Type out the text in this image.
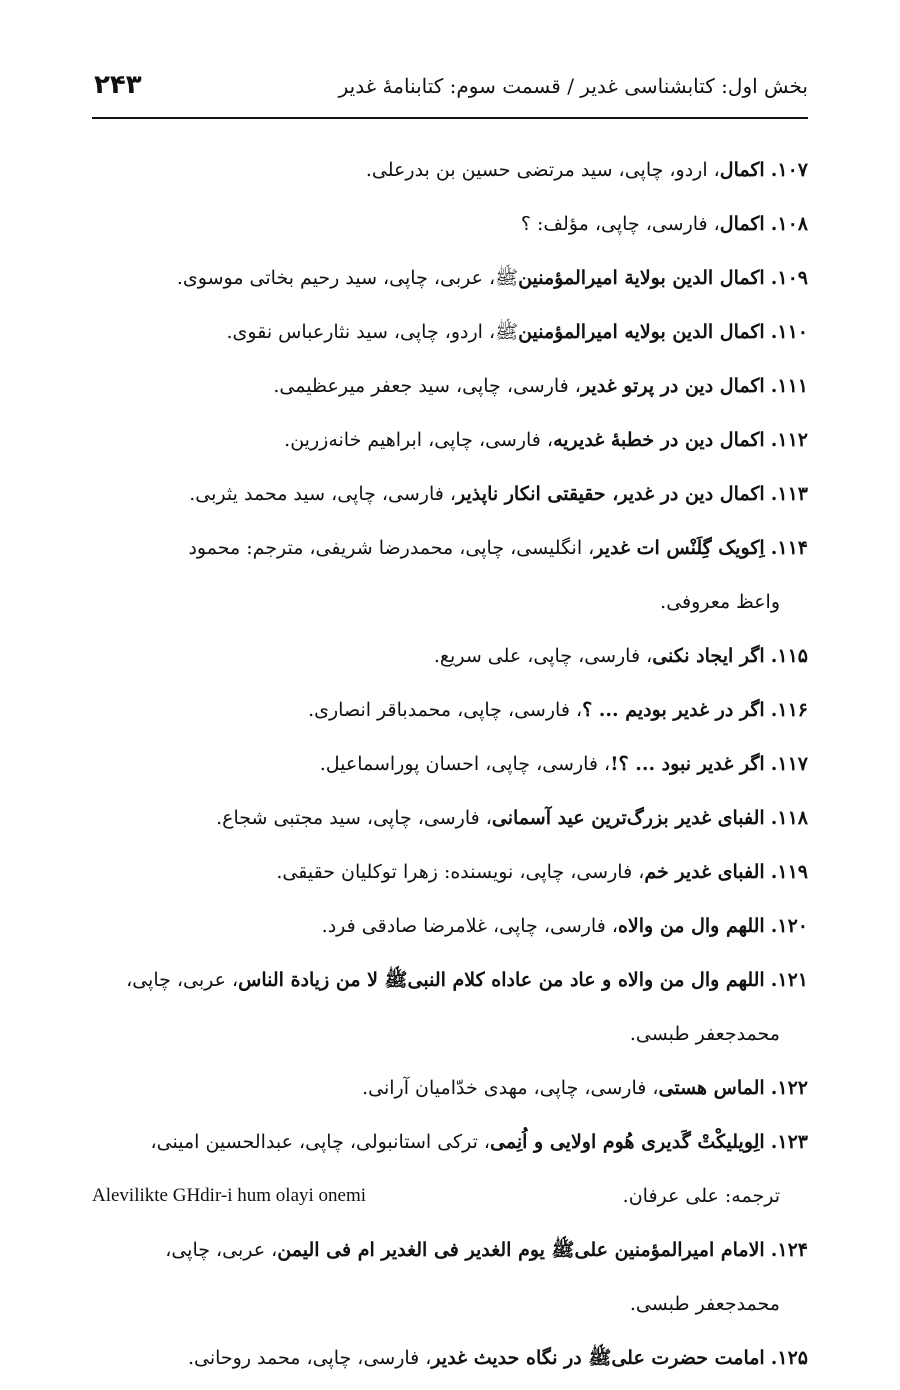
بخش اول: کتابشناسی غدیر / قسمت سوم: کتابنامهٔ غدیر
۲۴۳
۱۰۷. اکمال، اردو، چاپی، سید مرتضی حسین بن بدرعلی.
۱۰۸. اکمال، فارسی، چاپی، مؤلف: ؟
۱۰۹. اکمال الدین بولایة امیرالمؤمنینﷺ، عربی، چاپی، سید رحیم بخاتی موسوی.
۱۱۰. اکمال الدین بولایه امیرالمؤمنینﷺ، اردو، چاپی، سید نثارعباس نقوی.
۱۱۱. اکمال دین در پرتو غدیر، فارسی، چاپی، سید جعفر میرعظیمی.
۱۱۲. اکمال دین در خطبهٔ غدیریه، فارسی، چاپی، ابراهیم خانه‌زرین.
۱۱۳. اکمال دین در غدیر، حقیقتی انکار ناپذیر، فارسی، چاپی، سید محمد یثربی.
۱۱۴. اِکویک گِلَنْس ات غدیر، انگلیسی، چاپی، محمدرضا شریفی، مترجم: محمود
واعظ معروفی.
۱۱۵. اگر ایجاد نکنی، فارسی، چاپی، علی سریع.
۱۱۶. اگر در غدیر بودیم ... ؟، فارسی، چاپی، محمدباقر انصاری.
۱۱۷. اگر غدیر نبود ... ؟!، فارسی، چاپی، احسان پوراسماعیل.
۱۱۸. الفبای غدیر بزرگ‌ترین عید آسمانی، فارسی، چاپی، سید مجتبی شجاع.
۱۱۹. الفبای غدیر خم، فارسی، چاپی، نویسنده: زهرا توکلیان حقیقی.
۱۲۰. اللهم وال من والاه، فارسی، چاپی، غلامرضا صادقی فرد.
۱۲۱. اللهم وال من والاه و عاد من عاداه کلام النبیﷺ لا من زیادة الناس، عربی، چاپی،
محمدجعفر طبسی.
۱۲۲. الماس هستی، فارسی، چاپی، مهدی خدّامیان آرانی.
۱۲۳. الِویلیکْتْ گَدیری هُوم اولایی و اُنِمی، ترکی استانبولی، چاپی، عبدالحسین امینی،
ترجمه: علی عرفان.
Alevilikte GHdir-i hum olayi onemi
۱۲۴. الامام امیرالمؤمنین علیﷺ یوم الغدیر فی الغدیر ام فی الیمن، عربی، چاپی،
محمدجعفر طبسی.
۱۲۵. امامت حضرت علیﷺ در نگاه حدیث غدیر، فارسی، چاپی، محمد روحانی.
